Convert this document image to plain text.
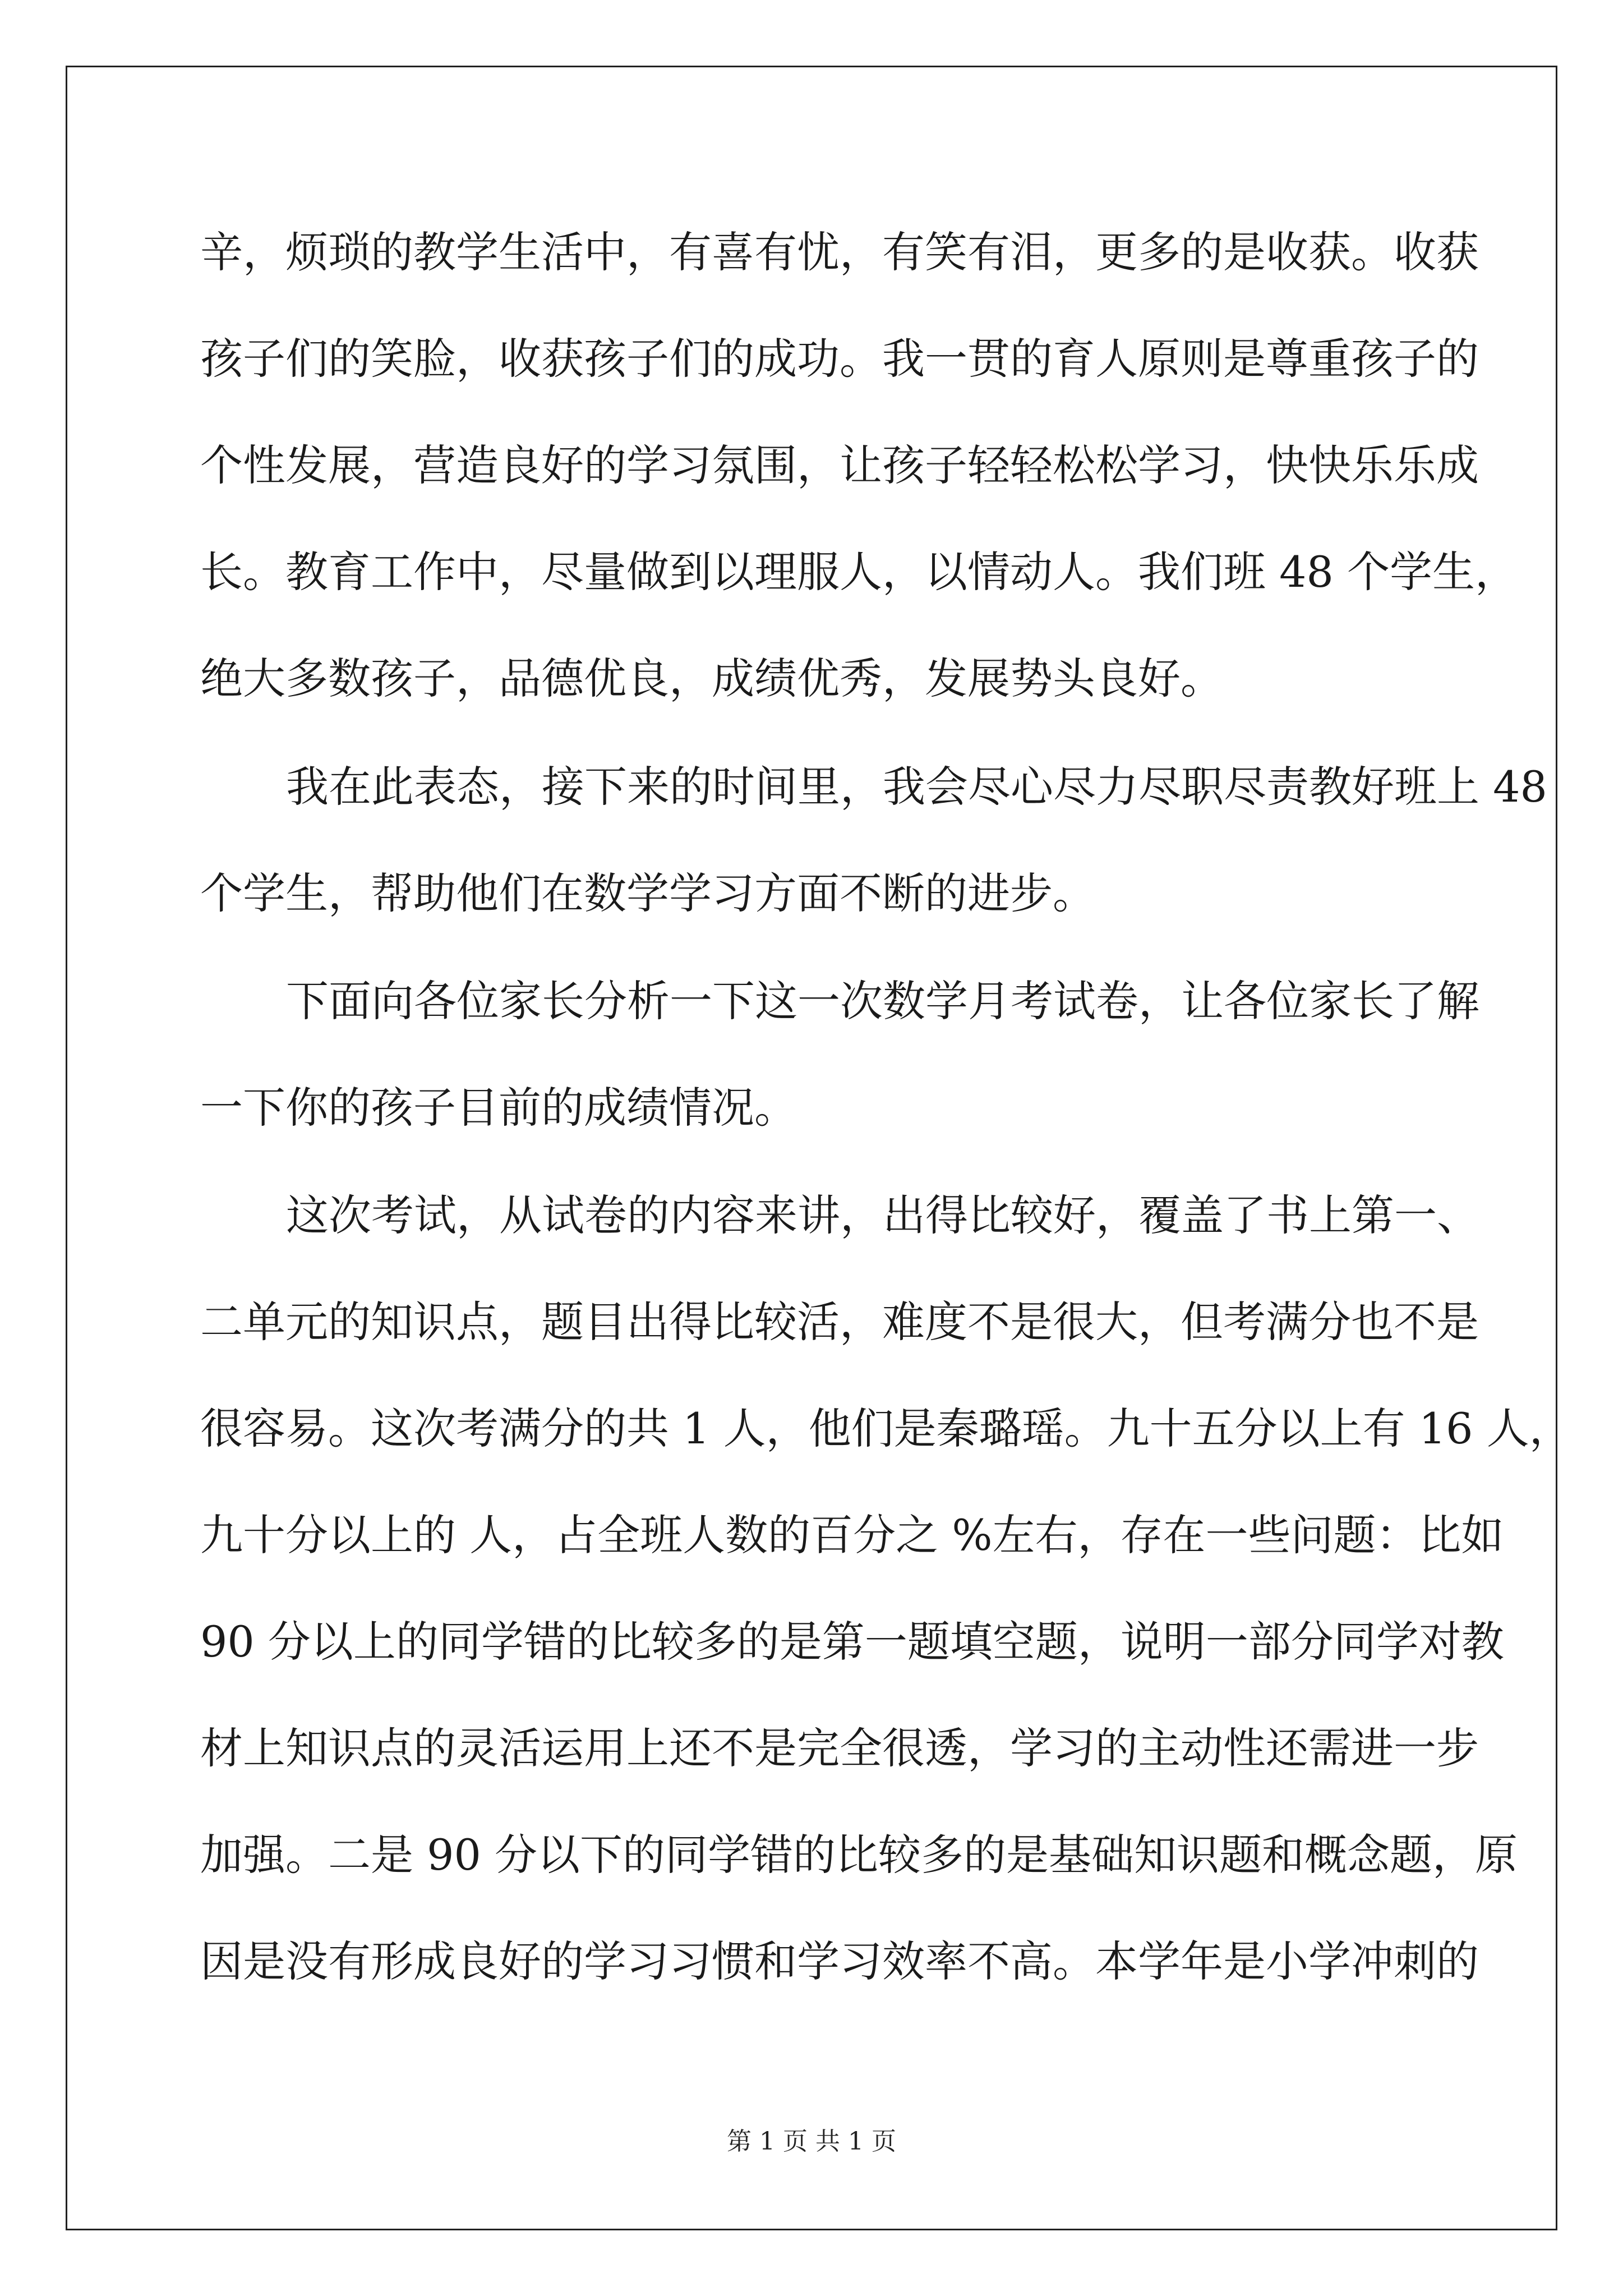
辛，烦琐的教学生活中，有喜有忧，有笑有泪，更多的是收获。收获
孩子们的笑脸，收获孩子们的成功。我一贯的育人原则是尊重孩子的
个性发展，营造良好的学习氛围，让孩子轻轻松松学习，快快乐乐成
长。教育工作中，尽量做到以理服人，以情动人。我们班 48 个学生，
绝大多数孩子，品德优良，成绩优秀，发展势头良好。
我在此表态，接下来的时间里，我会尽心尽力尽职尽责教好班上 48
个学生，帮助他们在数学学习方面不断的进步。
下面向各位家长分析一下这一次数学月考试卷，让各位家长了解
一下你的孩子目前的成绩情况。
这次考试，从试卷的内容来讲，出得比较好，覆盖了书上第一、
二单元的知识点，题目出得比较活，难度不是很大，但考满分也不是
很容易。这次考满分的共 1 人，他们是秦璐瑶。九十五分以上有 16 人，
九十分以上的 人，占全班人数的百分之 %左右，存在一些问题：比如
90 分以上的同学错的比较多的是第一题填空题，说明一部分同学对教
材上知识点的灵活运用上还不是完全很透，学习的主动性还需进一步
加强。二是 90 分以下的同学错的比较多的是基础知识题和概念题，原
因是没有形成良好的学习习惯和学习效率不高。本学年是小学冲刺的
第 1 页 共 1 页
